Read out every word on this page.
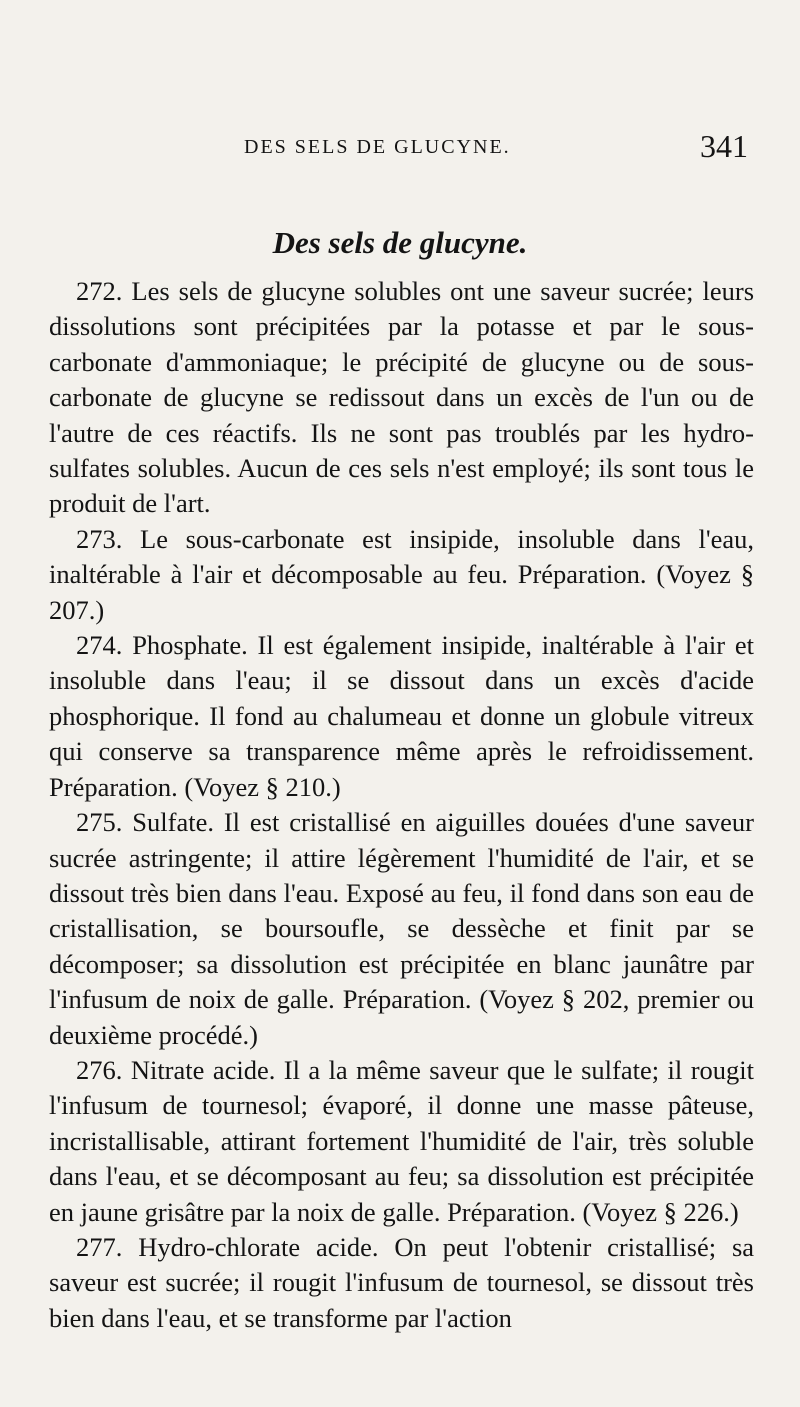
DES SELS DE GLUCYNE.	341
Des sels de glucyne.

272. Les sels de glucyne solubles ont une saveur sucrée; leurs dissolutions sont précipitées par la potasse et par le sous-carbonate d'ammoniaque; le précipité de glucyne ou de sous-carbonate de glucyne se redissout dans un excès de l'un ou de l'autre de ces réactifs. Ils ne sont pas troublés par les hydro-sulfates solubles. Aucun de ces sels n'est employé; ils sont tous le produit de l'art.

273. Le sous-carbonate est insipide, insoluble dans l'eau, inaltérable à l'air et décomposable au feu. Préparation. (Voyez § 207.)

274. Phosphate. Il est également insipide, inaltérable à l'air et insoluble dans l'eau; il se dissout dans un excès d'acide phosphorique. Il fond au chalumeau et donne un globule vitreux qui conserve sa transparence même après le refroidissement. Préparation. (Voyez § 210.)

275. Sulfate. Il est cristallisé en aiguilles douées d'une saveur sucrée astringente; il attire légèrement l'humidité de l'air, et se dissout très bien dans l'eau. Exposé au feu, il fond dans son eau de cristallisation, se boursoufle, se dessèche et finit par se décomposer; sa dissolution est précipitée en blanc jaunâtre par l'infusum de noix de galle. Préparation. (Voyez § 202, premier ou deuxième procédé.)

276. Nitrate acide. Il a la même saveur que le sulfate; il rougit l'infusum de tournesol; évaporé, il donne une masse pâteuse, incristallisable, attirant fortement l'humidité de l'air, très soluble dans l'eau, et se décomposant au feu; sa dissolution est précipitée en jaune grisâtre par la noix de galle. Préparation. (Voyez § 226.)

277. Hydro-chlorate acide. On peut l'obtenir cristallisé; sa saveur est sucrée; il rougit l'infusum de tournesol, se dissout très bien dans l'eau, et se transforme par l'action
